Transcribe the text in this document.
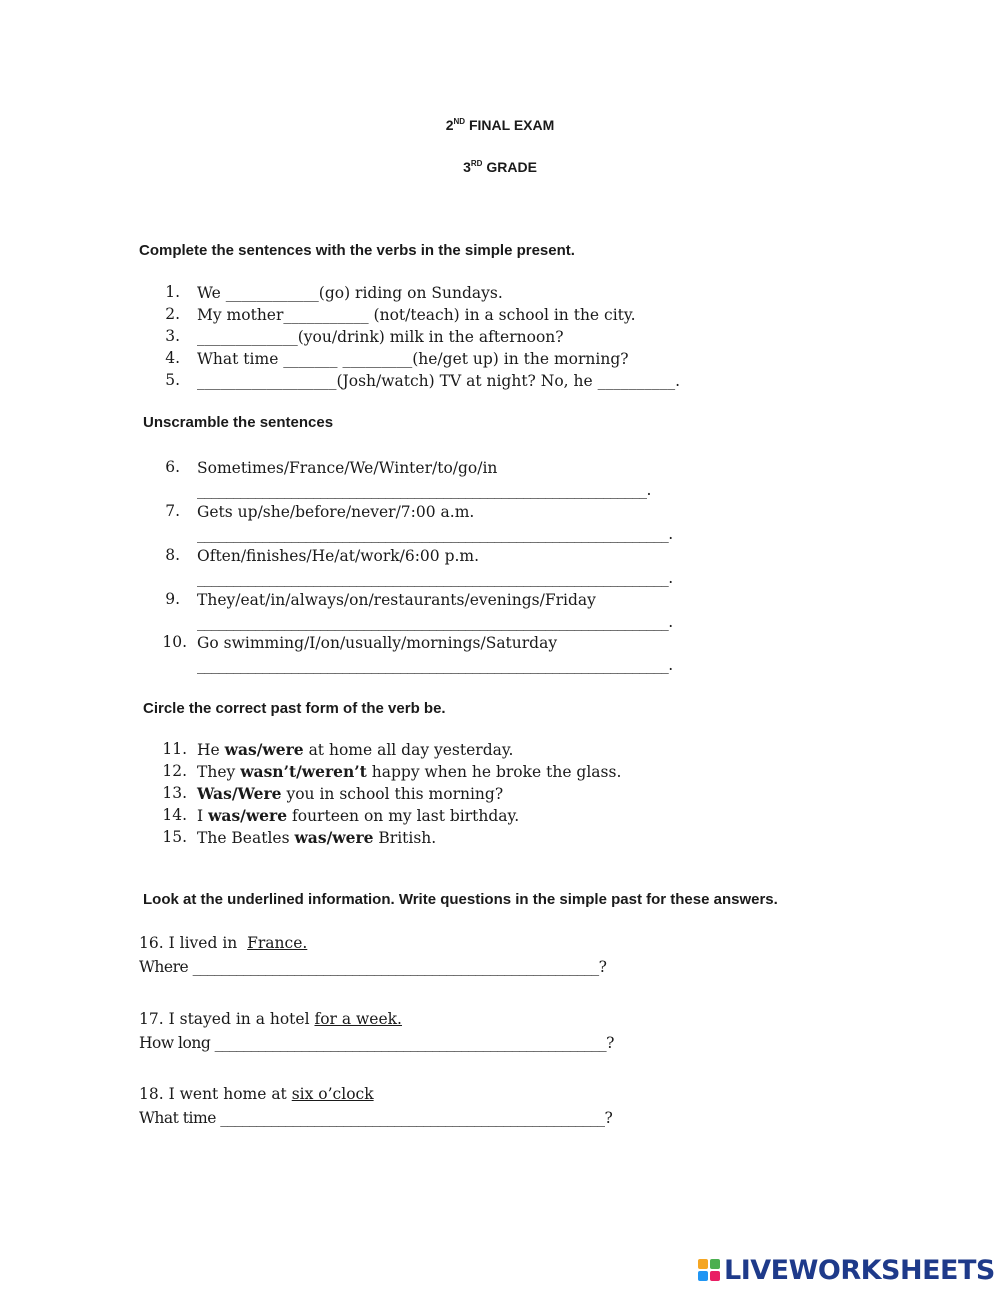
2ND FINAL EXAM
3RD GRADE
Complete the sentences with the verbs in the simple present.
1. We ____________(go) riding on Sundays.
2. My mother___________ (not/teach) in a school in the city.
3. _____________(you/drink) milk in the afternoon?
4. What time _______ _________(he/get up) in the morning?
5. __________________(Josh/watch) TV at night? No, he __________.
Unscramble the sentences
6. Sometimes/France/We/Winter/to/go/in
______________________________________________________________.
7. Gets up/she/before/never/7:00 a.m.
_________________________________________________________________.
8. Often/finishes/He/at/work/6:00 p.m.
_________________________________________________________________.
9. They/eat/in/always/on/restaurants/evenings/Friday
_________________________________________________________________.
10. Go swimming/I/on/usually/mornings/Saturday
_________________________________________________________________.
Circle the correct past form of the verb be.
11. He was/were at home all day yesterday.
12. They wasn’t/weren’t happy when he broke the glass.
13. Was/Were you in school this morning?
14. I was/were fourteen on my last birthday.
15. The Beatles was/were British.
Look at the underlined information. Write questions in the simple past for these answers.
16. I lived in  France.
Where ________________________________________________________?
17. I stayed in a hotel for a week.
How long ______________________________________________________?
18. I went home at six o’clock
What time _____________________________________________________?
LIVEWORKSHEETS
